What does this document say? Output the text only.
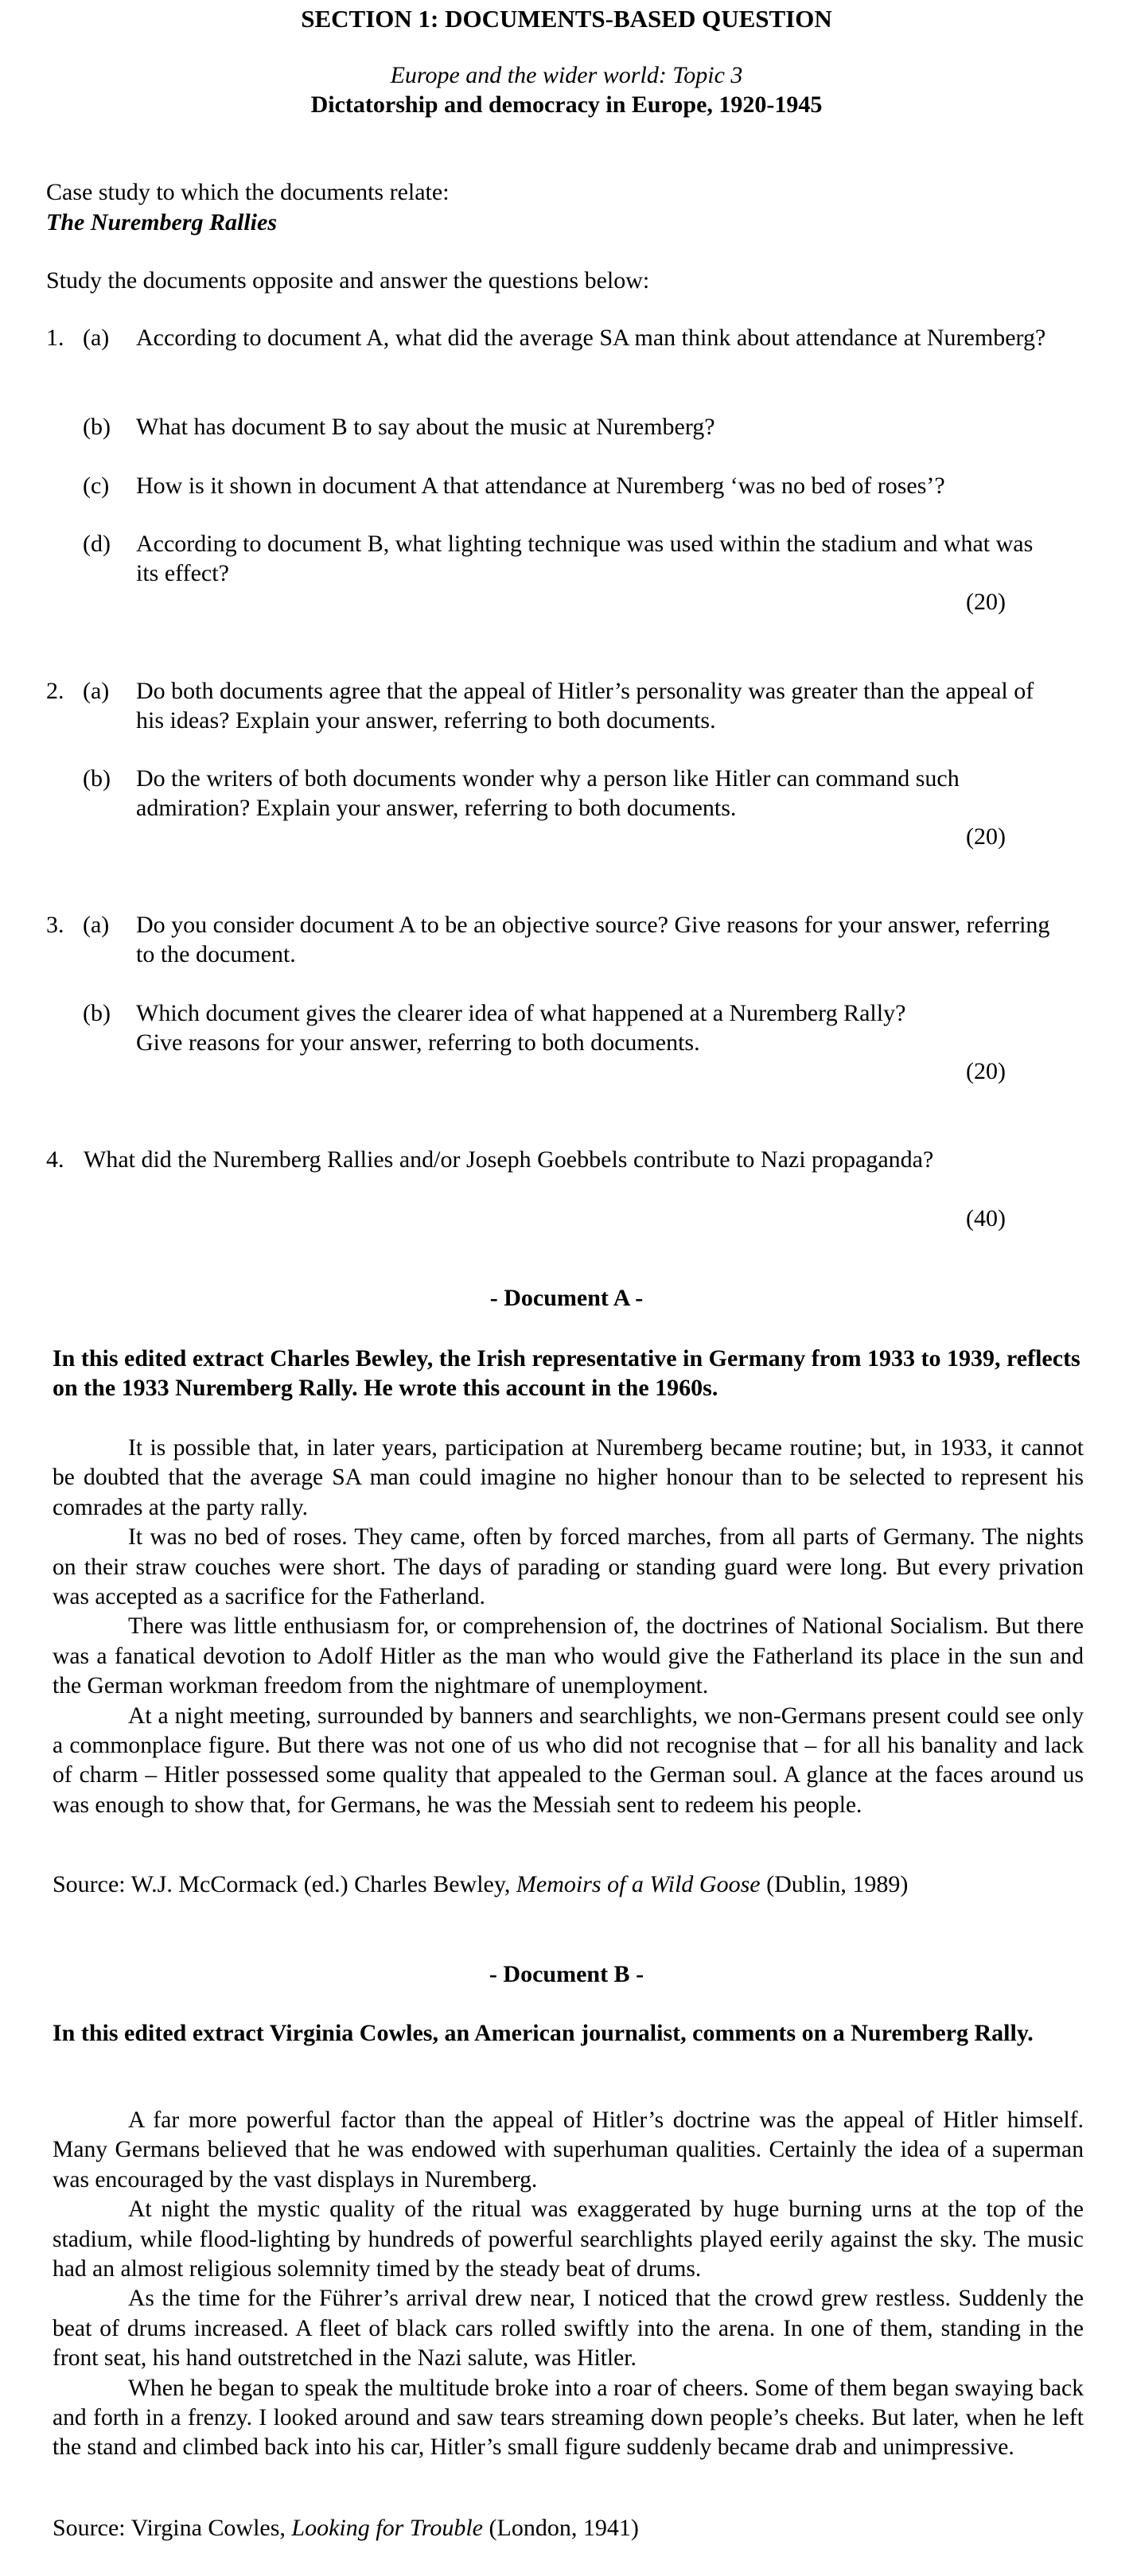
SECTION 1: DOCUMENTS-BASED QUESTION
Europe and the wider world: Topic 3
Dictatorship and democracy in Europe, 1920-1945
Case study to which the documents relate:
The Nuremberg Rallies
Study the documents opposite and answer the questions below:
1. (a) According to document A, what did the average SA man think about attendance at Nuremberg?
(b) What has document B to say about the music at Nuremberg?
(c) How is it shown in document A that attendance at Nuremberg ‘was no bed of roses’?
(d) According to document B, what lighting technique was used within the stadium and what was its effect?
(20)
2. (a) Do both documents agree that the appeal of Hitler’s personality was greater than the appeal of his ideas? Explain your answer, referring to both documents.
(b) Do the writers of both documents wonder why a person like Hitler can command such admiration? Explain your answer, referring to both documents.
(20)
3. (a) Do you consider document A to be an objective source? Give reasons for your answer, referring to the document.
(b) Which document gives the clearer idea of what happened at a Nuremberg Rally?
Give reasons for your answer, referring to both documents.
(20)
4. What did the Nuremberg Rallies and/or Joseph Goebbels contribute to Nazi propaganda?
(40)
- Document A -
In this edited extract Charles Bewley, the Irish representative in Germany from 1933 to 1939, reflects on the 1933 Nuremberg Rally. He wrote this account in the 1960s.

It is possible that, in later years, participation at Nuremberg became routine; but, in 1933, it cannot be doubted that the average SA man could imagine no higher honour than to be selected to represent his comrades at the party rally.

It was no bed of roses. They came, often by forced marches, from all parts of Germany. The nights on their straw couches were short. The days of parading or standing guard were long. But every privation was accepted as a sacrifice for the Fatherland.

There was little enthusiasm for, or comprehension of, the doctrines of National Socialism. But there was a fanatical devotion to Adolf Hitler as the man who would give the Fatherland its place in the sun and the German workman freedom from the nightmare of unemployment.

At a night meeting, surrounded by banners and searchlights, we non-Germans present could see only a commonplace figure. But there was not one of us who did not recognise that – for all his banality and lack of charm – Hitler possessed some quality that appealed to the German soul. A glance at the faces around us was enough to show that, for Germans, he was the Messiah sent to redeem his people.

Source: W.J. McCormack (ed.) Charles Bewley, Memoirs of a Wild Goose (Dublin, 1989)
- Document B -
In this edited extract Virginia Cowles, an American journalist, comments on a Nuremberg Rally.

A far more powerful factor than the appeal of Hitler’s doctrine was the appeal of Hitler himself. Many Germans believed that he was endowed with superhuman qualities. Certainly the idea of a superman was encouraged by the vast displays in Nuremberg.

At night the mystic quality of the ritual was exaggerated by huge burning urns at the top of the stadium, while flood-lighting by hundreds of powerful searchlights played eerily against the sky. The music had an almost religious solemnity timed by the steady beat of drums.

As the time for the Führer’s arrival drew near, I noticed that the crowd grew restless. Suddenly the beat of drums increased. A fleet of black cars rolled swiftly into the arena. In one of them, standing in the front seat, his hand outstretched in the Nazi salute, was Hitler.

When he began to speak the multitude broke into a roar of cheers. Some of them began swaying back and forth in a frenzy. I looked around and saw tears streaming down people’s cheeks. But later, when he left the stand and climbed back into his car, Hitler’s small figure suddenly became drab and unimpressive.

Source: Virgina Cowles, Looking for Trouble (London, 1941)
